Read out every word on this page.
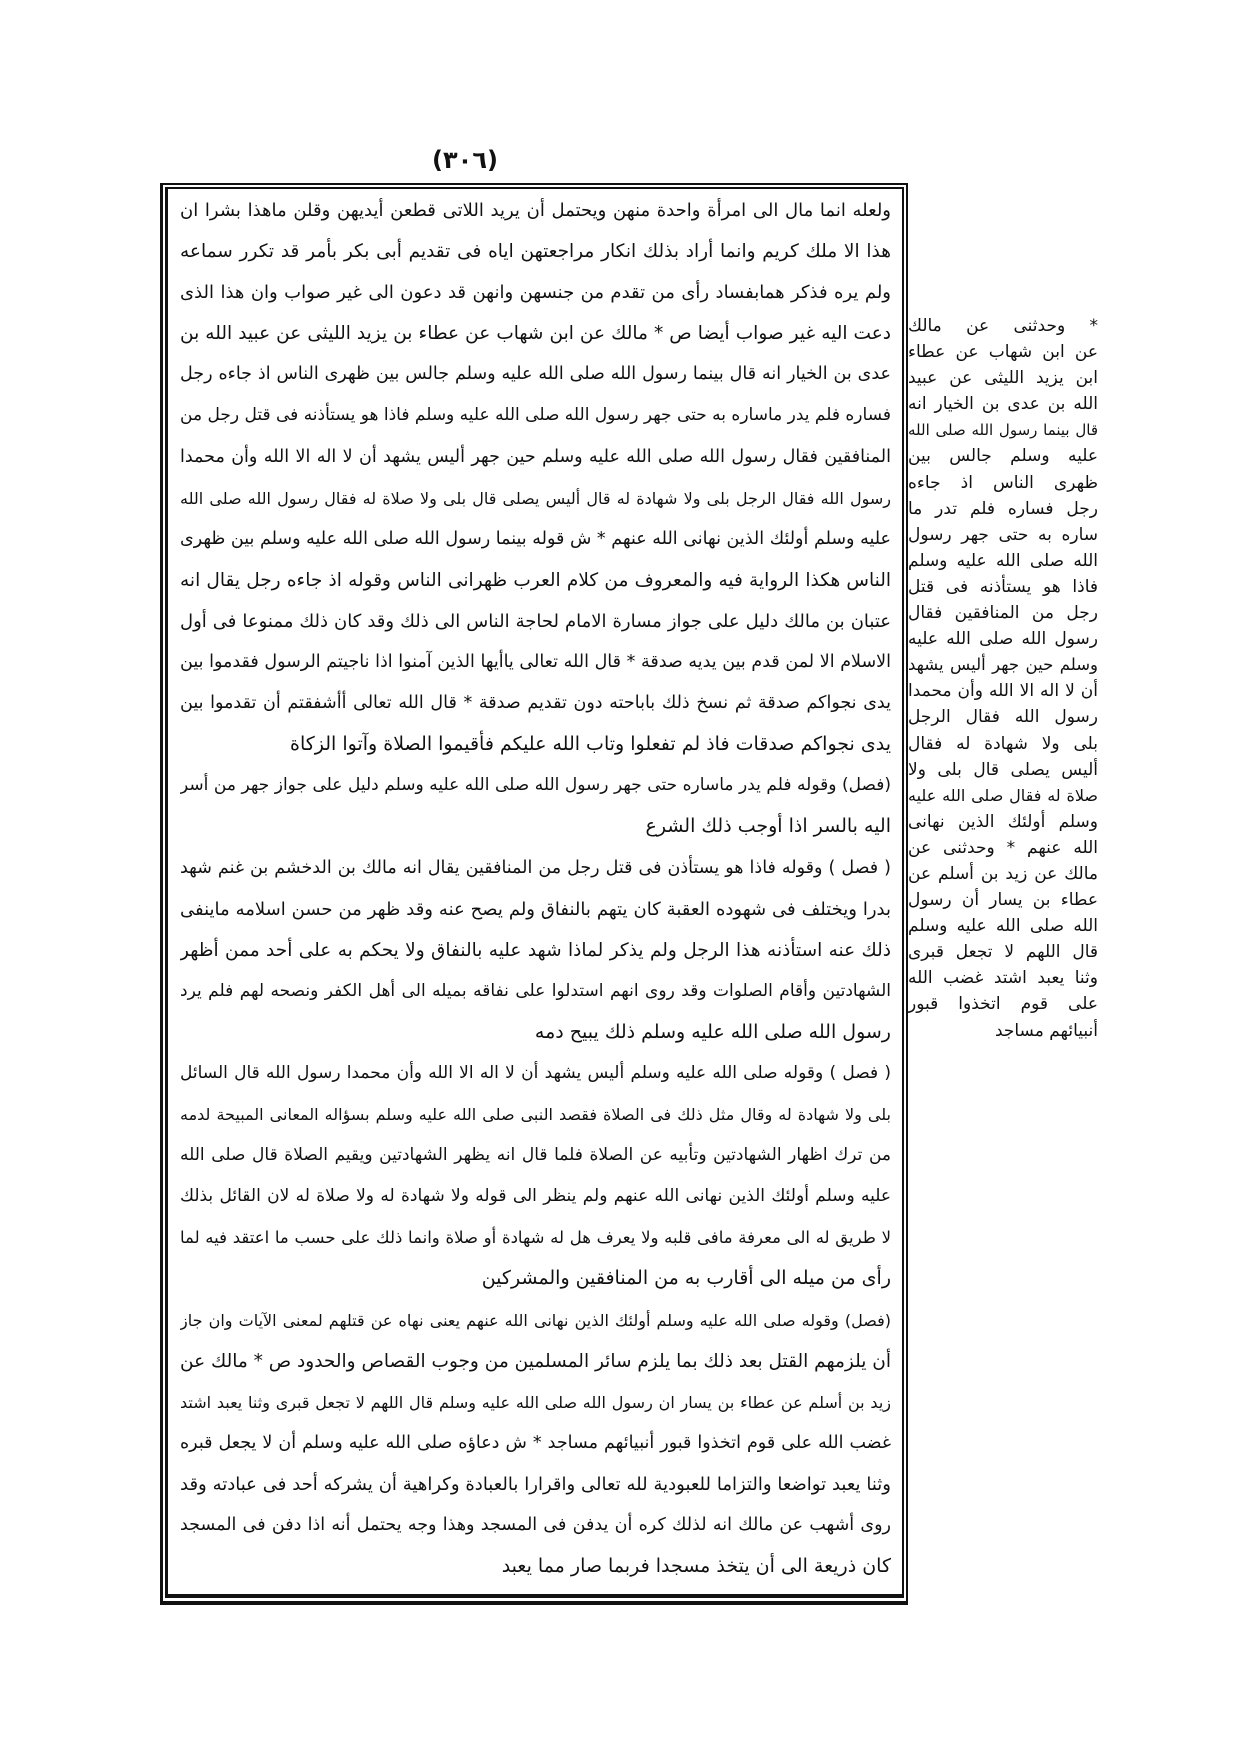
(٣٠٦)
ولعله انما مال الى امرأة واحدة منهن ويحتمل أن يريد اللاتى قطعن أيديهن وقلن ماهذا بشرا ان
هذا الا ملك كريم وانما أراد بذلك انكار مراجعتهن اياه فى تقديم أبى بكر بأمر قد تكرر سماعه
ولم يره فذكر همابفساد رأى من تقدم من جنسهن وانهن قد دعون الى غير صواب وان هذا الذى
دعت اليه غير صواب أيضا ص * مالك عن ابن شهاب عن عطاء بن يزيد الليثى عن عبيد الله بن
عدى بن الخيار انه قال بينما رسول الله صلى الله عليه وسلم جالس بين ظهرى الناس اذ جاءه رجل
فساره فلم يدر ماساره به حتى جهر رسول الله صلى الله عليه وسلم فاذا هو يستأذنه فى قتل رجل من
المنافقين فقال رسول الله صلى الله عليه وسلم حين جهر أليس يشهد أن لا اله الا الله وأن محمدا
رسول الله فقال الرجل بلى ولا شهادة له قال أليس يصلى قال بلى ولا صلاة له فقال رسول الله صلى الله
عليه وسلم أولئك الذين نهانى الله عنهم * ش قوله بينما رسول الله صلى الله عليه وسلم بين ظهرى
الناس هكذا الرواية فيه والمعروف من كلام العرب ظهرانى الناس وقوله اذ جاءه رجل يقال انه
عتبان بن مالك دليل على جواز مسارة الامام لحاجة الناس الى ذلك وقد كان ذلك ممنوعا فى أول
الاسلام الا لمن قدم بين يديه صدقة * قال الله تعالى ياأيها الذين آمنوا اذا ناجيتم الرسول فقدموا بين
يدى نجواكم صدقة ثم نسخ ذلك باباحته دون تقديم صدقة * قال الله تعالى أأشفقتم أن تقدموا بين
يدى نجواكم صدقات فاذ لم تفعلوا وتاب الله عليكم فأقيموا الصلاة وآتوا الزكاة
(فصل) وقوله فلم يدر ماساره حتى جهر رسول الله صلى الله عليه وسلم دليل على جواز جهر من أسر
اليه بالسر اذا أوجب ذلك الشرع
( فصل ) وقوله فاذا هو يستأذن فى قتل رجل من المنافقين يقال انه مالك بن الدخشم بن غنم شهد
بدرا ويختلف فى شهوده العقبة كان يتهم بالنفاق ولم يصح عنه وقد ظهر من حسن اسلامه ماينفى
ذلك عنه استأذنه هذا الرجل ولم يذكر لماذا شهد عليه بالنفاق ولا يحكم به على أحد ممن أظهر
الشهادتين وأقام الصلوات وقد روى انهم استدلوا على نفاقه بميله الى أهل الكفر ونصحه لهم فلم يرد
رسول الله صلى الله عليه وسلم ذلك يبيح دمه
( فصل ) وقوله صلى الله عليه وسلم أليس يشهد أن لا اله الا الله وأن محمدا رسول الله قال السائل
بلى ولا شهادة له وقال مثل ذلك فى الصلاة فقصد النبى صلى الله عليه وسلم بسؤاله المعانى المبيحة لدمه
من ترك اظهار الشهادتين وتأبيه عن الصلاة فلما قال انه يظهر الشهادتين ويقيم الصلاة قال صلى الله
عليه وسلم أولئك الذين نهانى الله عنهم ولم ينظر الى قوله ولا شهادة له ولا صلاة له لان القائل بذلك
لا طريق له الى معرفة مافى قلبه ولا يعرف هل له شهادة أو صلاة وانما ذلك على حسب ما اعتقد فيه لما
رأى من ميله الى أقارب به من المنافقين والمشركين
(فصل) وقوله صلى الله عليه وسلم أولئك الذين نهانى الله عنهم يعنى نهاه عن قتلهم لمعنى الآيات وان جاز
أن يلزمهم القتل بعد ذلك بما يلزم سائر المسلمين من وجوب القصاص والحدود ص * مالك عن
زيد بن أسلم عن عطاء بن يسار ان رسول الله صلى الله عليه وسلم قال اللهم لا تجعل قبرى وثنا يعبد اشتد
غضب الله على قوم اتخذوا قبور أنبيائهم مساجد * ش دعاؤه صلى الله عليه وسلم أن لا يجعل قبره
وثنا يعبد تواضعا والتزاما للعبودية لله تعالى واقرارا بالعبادة وكراهية أن يشركه أحد فى عبادته وقد
روى أشهب عن مالك انه لذلك كره أن يدفن فى المسجد وهذا وجه يحتمل أنه اذا دفن فى المسجد
كان ذريعة الى أن يتخذ مسجدا فربما صار مما يعبد
* وحدثنى عن مالك
عن ابن شهاب عن عطاء
ابن يزيد الليثى عن عبيد
الله بن عدى بن الخيار انه
قال بينما رسول الله صلى الله
عليه وسلم جالس بين
ظهرى الناس اذ جاءه
رجل فساره فلم تدر ما
ساره به حتى جهر رسول
الله صلى الله عليه وسلم
فاذا هو يستأذنه فى قتل
رجل من المنافقين فقال
رسول الله صلى الله عليه
وسلم حين جهر أليس يشهد
أن لا اله الا الله وأن محمدا
رسول الله فقال الرجل
بلى ولا شهادة له فقال
أليس يصلى قال بلى ولا
صلاة له فقال صلى الله عليه
وسلم أولئك الذين نهانى
الله عنهم * وحدثنى عن
مالك عن زيد بن أسلم عن
عطاء بن يسار أن رسول
الله صلى الله عليه وسلم
قال اللهم لا تجعل قبرى
وثنا يعبد اشتد غضب الله
على قوم اتخذوا قبور
أنبيائهم مساجد
